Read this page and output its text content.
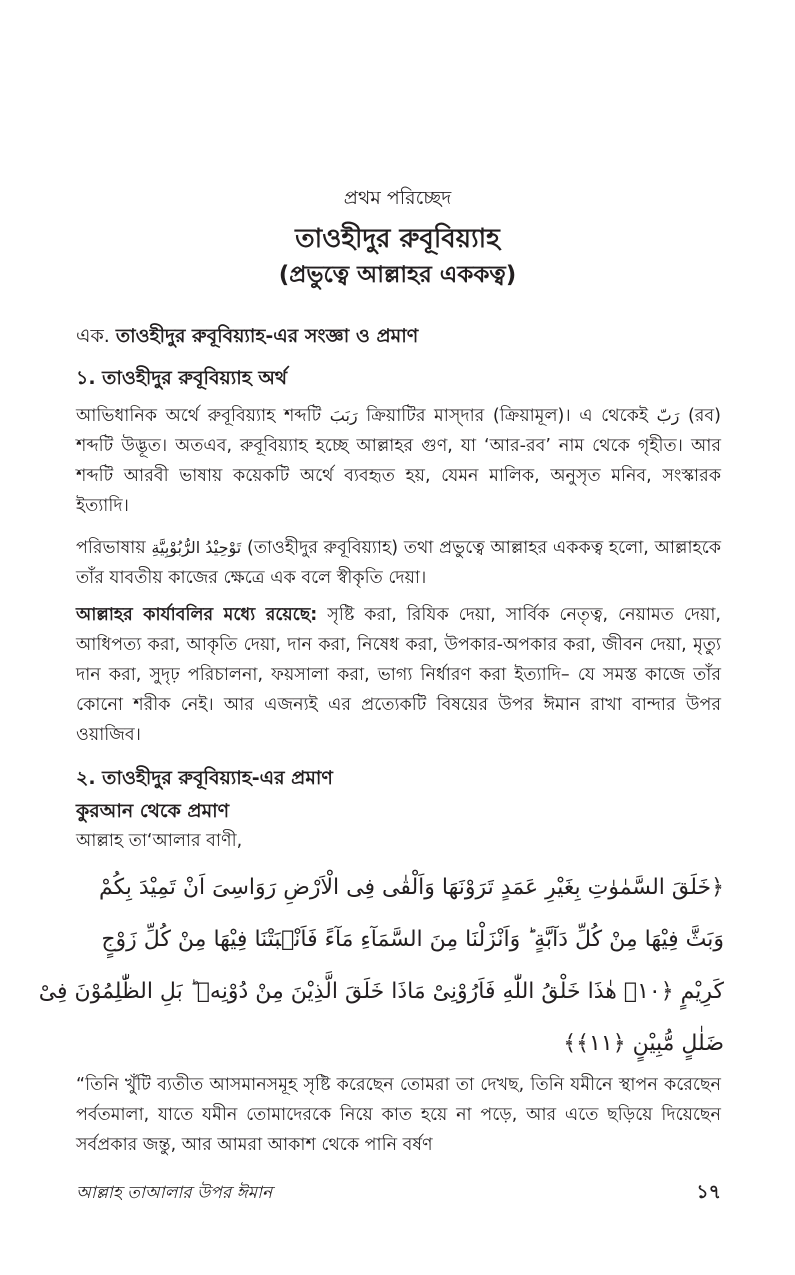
প্রথম পরিচ্ছেদ
তাওহীদুর রুবূবিয়্যাহ
(প্রভুত্বে আল্লাহর এককত্ব)
এক. তাওহীদুর রুবূবিয়্যাহ-এর সংজ্ঞা ও প্রমাণ
১. তাওহীদুর রুবূবিয়্যাহ অর্থ
আভিধানিক অর্থে রুবূবিয়্যাহ শব্দটি رَبَبَ ক্রিয়াটির মাস্‌দার (ক্রিয়ামূল)। এ থেকেই رَبّ (রব) শব্দটি উদ্ভূত। অতএব, রুবূবিয়্যাহ হচ্ছে আল্লাহর গুণ, যা ‘আর-রব’ নাম থেকে গৃহীত। আর শব্দটি আরবী ভাষায় কয়েকটি অর্থে ব্যবহৃত হয়, যেমন মালিক, অনুসৃত মনিব, সংস্কারক ইত্যাদি।
পরিভাষায় تَوْحِيْدُ الرُّبُوْبِيَّةِ (তাওহীদুর রুবূবিয়্যাহ) তথা প্রভুত্বে আল্লাহর এককত্ব হলো, আল্লাহকে তাঁর যাবতীয় কাজের ক্ষেত্রে এক বলে স্বীকৃতি দেয়া।
আল্লাহর কার্যাবলির মধ্যে রয়েছে: সৃষ্টি করা, রিযিক দেয়া, সার্বিক নেতৃত্ব, নেয়ামত দেয়া, আধিপত্য করা, আকৃতি দেয়া, দান করা, নিষেধ করা, উপকার-অপকার করা, জীবন দেয়া, মৃত্যু দান করা, সুদৃঢ় পরিচালনা, ফয়সালা করা, ভাগ্য নির্ধারণ করা ইত্যাদি– যে সমস্ত কাজে তাঁর কোনো শরীক নেই। আর এজন্যই এর প্রত্যেকটি বিষয়ের উপর ঈমান রাখা বান্দার উপর ওয়াজিব।
২. তাওহীদুর রুবূবিয়্যাহ-এর প্রমাণ
কুরআন থেকে প্রমাণ
আল্লাহ তা‘আলার বাণী,
﴿خَلَقَ السَّمٰوٰتِ بِغَيْرِ عَمَدٍ تَرَوْنَهَا وَاَلْقٰى فِى الْاَرْضِ رَوَاسِىَ اَنْ تَمِيْدَ بِكُمْ
وَبَثَّ فِيْهَا مِنْ كُلِّ دَآبَّةٍ ؕ وَاَنْزَلْنَا مِنَ السَّمَآءِ مَآءً فَاَنْۢبَتْنَا فِيْهَا مِنْ كُلِّ زَوْجٍ
كَرِيْمٍ ﴿۱۰﴾ هٰذَا خَلْقُ اللّٰهِ فَاَرُوْنِىْ مَاذَا خَلَقَ الَّذِيْنَ مِنْ دُوْنِهٖ ؕ بَلِ الظّٰلِمُوْنَ فِىْ
ضَلٰلٍ مُّبِيْنٍ ﴿۱۱﴾﴾
“তিনি খুঁটি ব্যতীত আসমানসমূহ সৃষ্টি করেছেন তোমরা তা দেখছ, তিনি যমীনে স্থাপন করেছেন পর্বতমালা, যাতে যমীন তোমাদেরকে নিয়ে কাত হয়ে না পড়ে, আর এতে ছড়িয়ে দিয়েছেন সর্বপ্রকার জন্তু, আর আমরা আকাশ থেকে পানি বর্ষণ
আল্লাহ তাআলার উপর ঈমান	১৭
